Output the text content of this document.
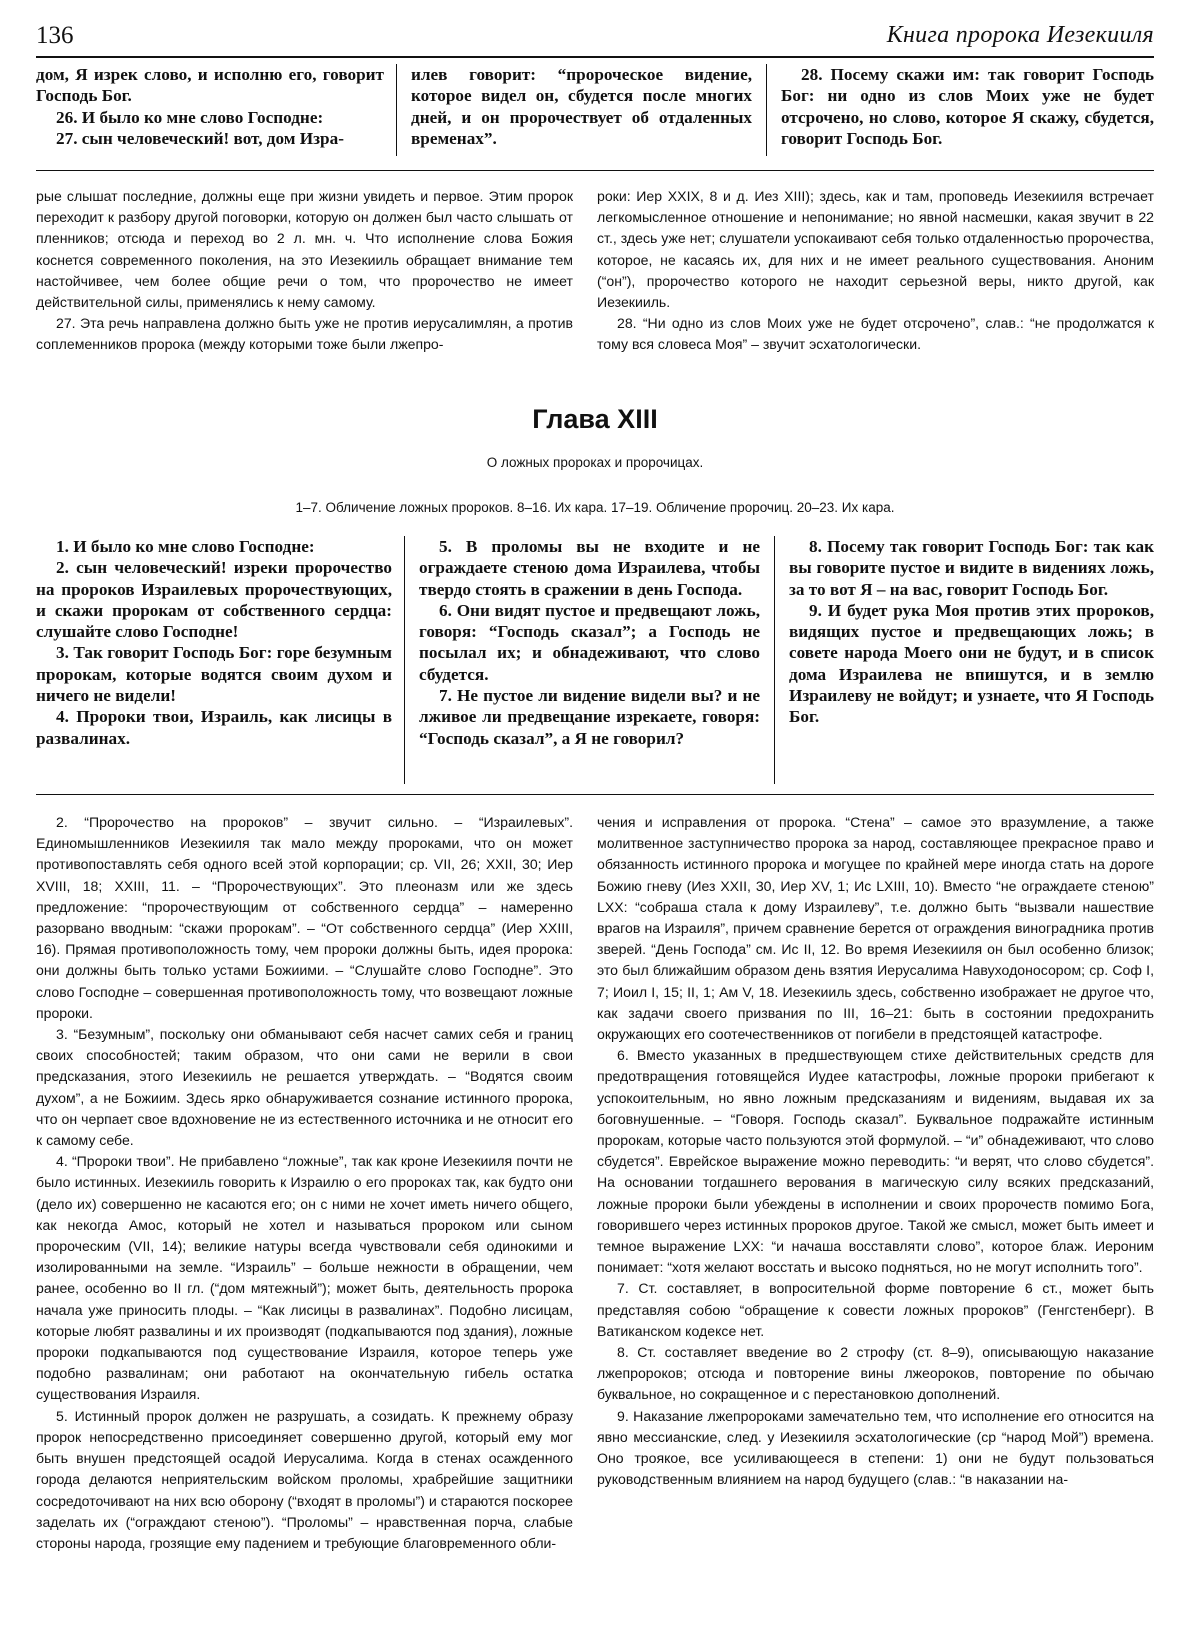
136	Книга пророка Иезекииля

дом, Я изрек слово, и исполню его, говорит Господь Бог.

26. И было ко мне слово Господне:

27. сын человеческий! вот, дом Изра-

илев говорит: “пророческое видение, которое видел он, сбудется после многих дней, и он пророчествует об отдаленных временах”.

28. Посему скажи им: так говорит Господь Бог: ни одно из слов Моих уже не будет отсрочено, но слово, которое Я скажу, сбудется, говорит Господь Бог.

рые слышат последние, должны еще при жизни увидеть и первое. Этим пророк переходит к разбору другой поговорки, которую он должен был часто слышать от пленников; отсюда и переход во 2 л. мн. ч. Что исполнение слова Божия коснется современного поколения, на это Иезекииль обращает внимание тем настойчивее, чем более общие речи о том, что пророчество не имеет действительной силы, применялись к нему самому.

27. Эта речь направлена должно быть уже не против иерусалимлян, а против соплеменников пророка (между которыми тоже были лжепро-

роки: Иер XXIX, 8 и д. Иез XIII); здесь, как и там, проповедь Иезекииля встречает легкомысленное отношение и непонимание; но явной насмешки, какая звучит в 22 ст., здесь уже нет; слушатели успокаивают себя только отдаленностью пророчества, которое, не касаясь их, для них и не имеет реального существования. Аноним (“он”), пророчество которого не находит серьезной веры, никто другой, как Иезекииль.

28. “Ни одно из слов Моих уже не будет отсрочено”, слав.: “не продолжатся к тому вся словеса Моя” – звучит эсхатологически.

Глава XIII
О ложных пророках и пророчицах.
1–7. Обличение ложных пророков. 8–16. Их кара. 17–19. Обличение пророчиц. 20–23. Их кара.

1. И было ко мне слово Господне:

2. сын человеческий! изреки пророчество на пророков Израилевых пророчествующих, и скажи пророкам от собственного сердца: слушайте слово Господне!

3. Так говорит Господь Бог: горе безумным пророкам, которые водятся своим духом и ничего не видели!

4. Пророки твои, Израиль, как лисицы в развалинах.

5. В проломы вы не входите и не ограждаете стеною дома Израилева, чтобы твердо стоять в сражении в день Господа.

6. Они видят пустое и предвещают ложь, говоря: “Господь сказал”; а Господь не посылал их; и обнадеживают, что слово сбудется.

7. Не пустое ли видение видели вы? и не лживое ли предвещание изрекаете, говоря: “Господь сказал”, а Я не говорил?

8. Посему так говорит Господь Бог: так как вы говорите пустое и видите в видениях ложь, за то вот Я – на вас, говорит Господь Бог.

9. И будет рука Моя против этих пророков, видящих пустое и предвещающих ложь; в совете народа Моего они не будут, и в список дома Израилева не впишутся, и в землю Израилеву не войдут; и узнаете, что Я Господь Бог.

2. “Пророчество на пророков” – звучит сильно. – “Израилевых”. Единомышленников Иезекииля так мало между пророками, что он может противопоставлять себя одного всей этой корпорации; ср. VII, 26; XXII, 30; Иер XVIII, 18; XXIII, 11. – “Пророчествующих”. Это плеоназм или же здесь предложение: “пророчествующим от собственного сердца” – намеренно разорвано вводным: “скажи пророкам”. – “От собственного сердца” (Иер XXIII, 16). Прямая противоположность тому, чем пророки должны быть, идея пророка: они должны быть только устами Божиими. – “Слушайте слово Господне”. Это слово Господне – совершенная противоположность тому, что возвещают ложные пророки.

3. “Безумным”, поскольку они обманывают себя насчет самих себя и границ своих способностей; таким образом, что они сами не верили в свои предсказания, этого Иезекииль не решается утверждать. – “Водятся своим духом”, а не Божиим. Здесь ярко обнаруживается сознание истинного пророка, что он черпает свое вдохновение не из естественного источника и не относит его к самому себе.

4. “Пророки твои”. Не прибавлено “ложные”, так как кроне Иезекииля почти не было истинных. Иезекииль говорить к Израилю о его пророках так, как будто они (дело их) совершенно не касаются его; он с ними не хочет иметь ничего общего, как некогда Амос, который не хотел и называться пророком или сыном пророческим (VII, 14); великие натуры всегда чувствовали себя одинокими и изолированными на земле. “Израиль” – больше нежности в обращении, чем ранее, особенно во II гл. (“дом мятежный”); может быть, деятельность пророка начала уже приносить плоды. – “Как лисицы в развалинах”. Подобно лисицам, которые любят развалины и их производят (подкапываются под здания), ложные пророки подкапываются под существование Израиля, которое теперь уже подобно развалинам; они работают на окончательную гибель остатка существования Израиля.

5. Истинный пророк должен не разрушать, а созидать. К прежнему образу пророк непосредственно присоединяет совершенно другой, который ему мог быть внушен предстоящей осадой Иерусалима. Когда в стенах осажденного города делаются неприятельским войском проломы, храбрейшие защитники сосредоточивают на них всю оборону (“входят в проломы”) и стараются поскорее заделать их (“ограждают стеною”). “Проломы” – нравственная порча, слабые стороны народа, грозящие ему падением и требующие благовременного обли-

чения и исправления от пророка. “Стена” – самое это вразумление, а также молитвенное заступничество пророка за народ, составляющее прекрасное право и обязанность истинного пророка и могущее по крайней мере иногда стать на дороге Божию гневу (Иез XXII, 30, Иер XV, 1; Ис LXIII, 10). Вместо “не ограждаете стеною” LXX: “собраша стала к дому Израилеву”, т.е. должно быть “вызвали нашествие врагов на Израиля”, причем сравнение берется от ограждения виноградника против зверей. “День Господа” см. Ис II, 12. Во время Иезекииля он был особенно близок; это был ближайшим образом день взятия Иерусалима Навуходоносором; ср. Соф I, 7; Иоил I, 15; II, 1; Ам V, 18. Иезекииль здесь, собственно изображает не другое что, как задачи своего призвания по III, 16–21: быть в состоянии предохранить окружающих его соотечественников от погибели в предстоящей катастрофе.

6. Вместо указанных в предшествующем стихе действительных средств для предотвращения готовящейся Иудее катастрофы, ложные пророки прибегают к успокоительным, но явно ложным предсказаниям и видениям, выдавая их за боговнушенные. – “Говоря. Господь сказал”. Буквальное подражайте истинным пророкам, которые часто пользуются этой формулой. – “и” обнадеживают, что слово сбудется”. Еврейское выражение можно переводить: “и верят, что слово сбудется”. На основании тогдашнего верования в магическую силу всяких предсказаний, ложные пророки были убеждены в исполнении и своих пророчеств помимо Бога, говорившего через истинных пророков другое. Такой же смысл, может быть имеет и темное выражение LXX: “и начаша восставляти слово”, которое блаж. Иероним понимает: “хотя желают восстать и высоко подняться, но не могут исполнить того”.

7. Ст. составляет, в вопросительной форме повторение 6 ст., может быть представляя собою “обращение к совести ложных пророков” (Генгстенберг). В Ватиканском кодексе нет.

8. Ст. составляет введение во 2 строфу (ст. 8–9), описывающую наказание лжепророков; отсюда и повторение вины лжеороков, повторение по обычаю буквальное, но сокращенное и с перестановкою дополнений.

9. Наказание лжепророками замечательно тем, что исполнение его относится на явно мессианские, след. у Иезекииля эсхатологические (ср “народ Мой”) времена. Оно троякое, все усиливающееся в степени: 1) они не будут пользоваться руководственным влиянием на народ будущего (слав.: “в наказании на-
